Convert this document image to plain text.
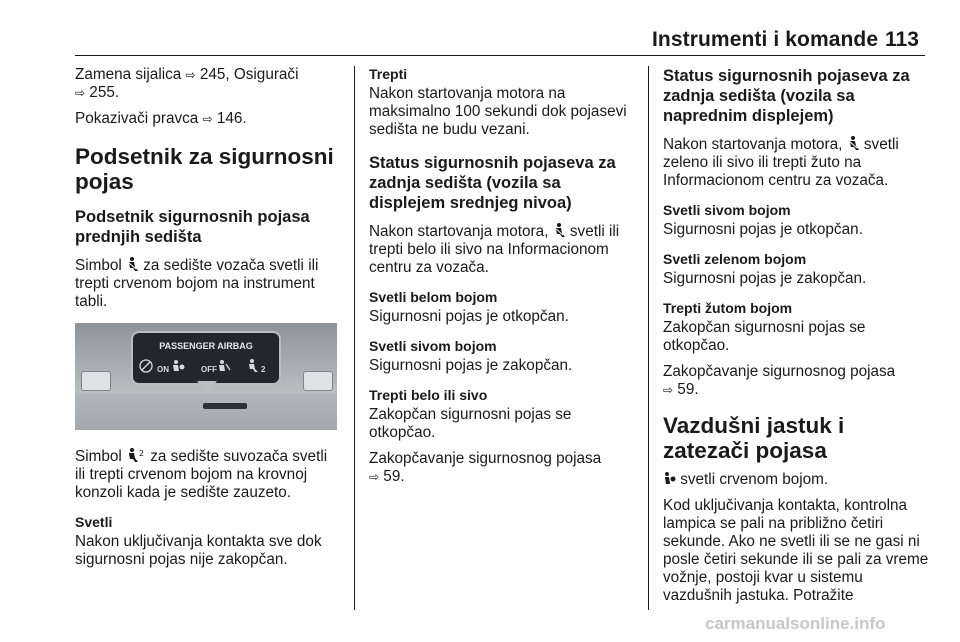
Instrumenti i komande 113

Zamena sijalica ⇨ 245, Osigurači
⇨ 255.

Pokazivači pravca ⇨ 146.

Podsetnik za sigurnosni pojas
Podsetnik sigurnosnih pojasa prednjih sedišta

Simbol  za sedište vozača svetli ili trepti crvenom bojom na instrument tabli.

PASSENGER AIRBAG
ON	OFF	2

Simbol 2 za sedište suvozača svetli ili trepti crvenom bojom na krovnoj konzoli kada je sedište zauzeto.

Svetli

Nakon uključivanja kontakta sve dok sigurnosni pojas nije zakopčan.

Trepti

Nakon startovanja motora na maksimalno 100 sekundi dok pojasevi sedišta ne budu vezani.

Status sigurnosnih pojaseva za zadnja sedišta (vozila sa displejem srednjeg nivoa)

Nakon startovanja motora,  svetli ili trepti belo ili sivo na Informacionom centru za vozača.

Svetli belom bojom

Sigurnosni pojas je otkopčan.

Svetli sivom bojom

Sigurnosni pojas je zakopčan.

Trepti belo ili sivo

Zakopčan sigurnosni pojas se otkopčao.

Zakopčavanje sigurnosnog pojasa
⇨ 59.

Status sigurnosnih pojaseva za zadnja sedišta (vozila sa naprednim displejem)

Nakon startovanja motora,  svetli zeleno ili sivo ili trepti žuto na Informacionom centru za vozača.

Svetli sivom bojom

Sigurnosni pojas je otkopčan.

Svetli zelenom bojom

Sigurnosni pojas je zakopčan.

Trepti žutom bojom

Zakopčan sigurnosni pojas se otkopčao.

Zakopčavanje sigurnosnog pojasa
⇨ 59.

Vazdušni jastuk i zatezači pojasa

svetli crvenom bojom.

Kod uključivanja kontakta, kontrolna lampica se pali na približno četiri sekunde. Ako ne svetli ili se ne gasi ni posle četiri sekunde ili se pali za vreme vožnje, postoji kvar u sistemu vazdušnih jastuka. Potražite

carmanualsonline.info
